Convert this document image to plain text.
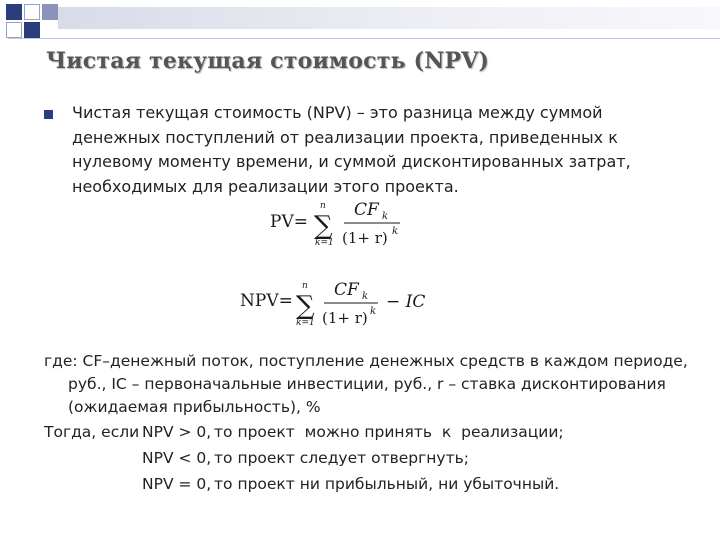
Чистая текущая стоимость (NPV)

Чистая текущая стоимость (NPV) – это разница между суммой денежных поступлений от реализации проекта, приведенных к нулевому моменту времени, и суммой дисконтированных затрат, необходимых для реализации этого проекта.

PV=
n
∑
k=1
CF k
(1+ r) k
NPV=
n
∑
k=1
CF k
(1+ r) k − IC

где: CF–денежный поток, поступление денежных средств в каждом периоде,

руб., IC – первоначальные инвестиции, руб., r – ставка дисконтирования

(ожидаемая прибыльность), %

Тогда, если NPV > 0, то проект  можно принять  к  реализации;
NPV < 0, то проект следует отвергнуть;
NPV = 0, то проект ни прибыльный, ни убыточный.
